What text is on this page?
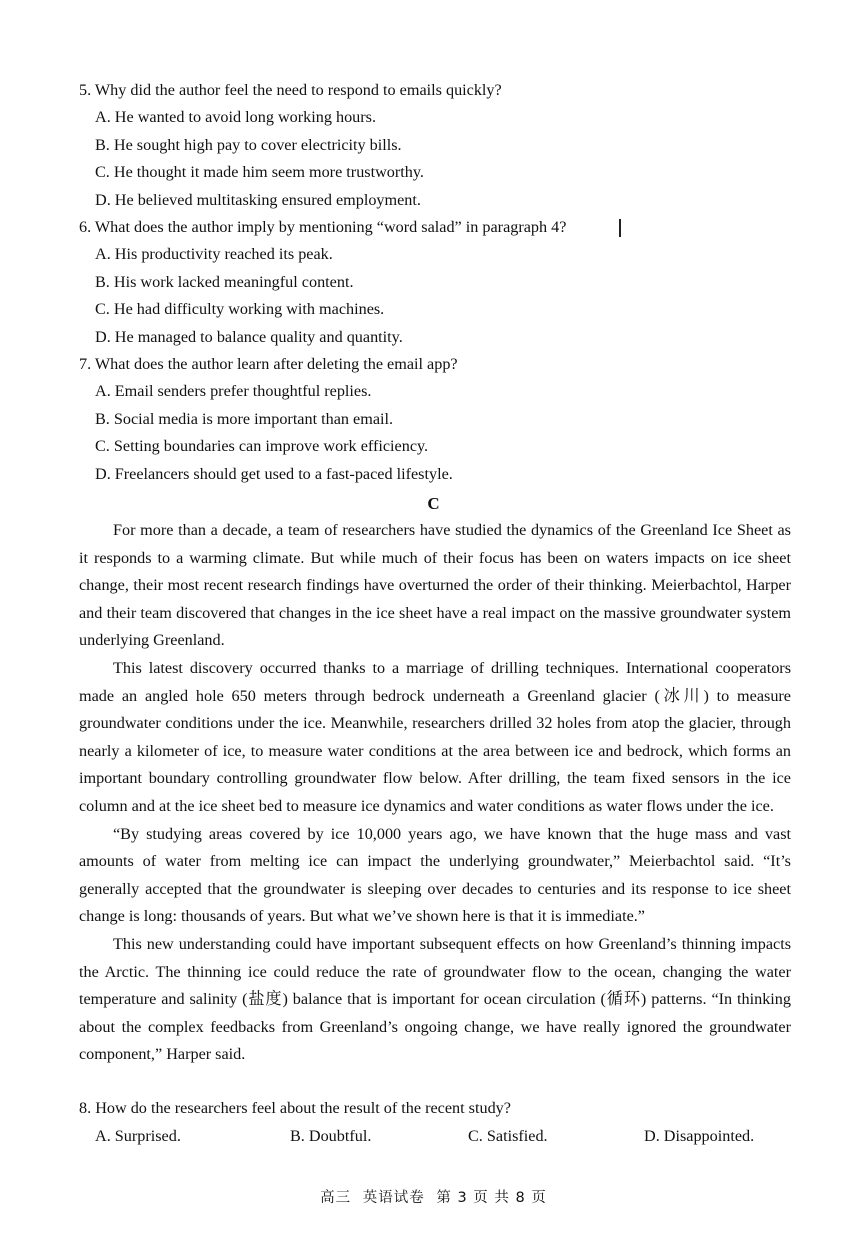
5. Why did the author feel the need to respond to emails quickly?
A. He wanted to avoid long working hours.
B. He sought high pay to cover electricity bills.
C. He thought it made him seem more trustworthy.
D. He believed multitasking ensured employment.
6. What does the author imply by mentioning “word salad” in paragraph 4?
A. His productivity reached its peak.
B. His work lacked meaningful content.
C. He had difficulty working with machines.
D. He managed to balance quality and quantity.
7. What does the author learn after deleting the email app?
A. Email senders prefer thoughtful replies.
B. Social media is more important than email.
C. Setting boundaries can improve work efficiency.
D. Freelancers should get used to a fast-paced lifestyle.
C

For more than a decade, a team of researchers have studied the dynamics of the Greenland Ice Sheet as it responds to a warming climate. But while much of their focus has been on waters impacts on ice sheet change, their most recent research findings have overturned the order of their thinking. Meierbachtol, Harper and their team discovered that changes in the ice sheet have a real impact on the massive groundwater system underlying Greenland.

This latest discovery occurred thanks to a marriage of drilling techniques. International cooperators made an angled hole 650 meters through bedrock underneath a Greenland glacier (冰川) to measure groundwater conditions under the ice. Meanwhile, researchers drilled 32 holes from atop the glacier, through nearly a kilometer of ice, to measure water conditions at the area between ice and bedrock, which forms an important boundary controlling groundwater flow below. After drilling, the team fixed sensors in the ice column and at the ice sheet bed to measure ice dynamics and water conditions as water flows under the ice.

“By studying areas covered by ice 10,000 years ago, we have known that the huge mass and vast amounts of water from melting ice can impact the underlying groundwater,” Meierbachtol said. “It’s generally accepted that the groundwater is sleeping over decades to centuries and its response to ice sheet change is long: thousands of years. But what we’ve shown here is that it is immediate.”

This new understanding could have important subsequent effects on how Greenland’s thinning impacts the Arctic. The thinning ice could reduce the rate of groundwater flow to the ocean, changing the water temperature and salinity (盐度) balance that is important for ocean circulation (循环) patterns. “In thinking about the complex feedbacks from Greenland’s ongoing change, we have really ignored the groundwater component,” Harper said.

8. How do the researchers feel about the result of the recent study?
A. Surprised.	B. Doubtful.	C. Satisfied.	D. Disappointed.
高三 英语试卷 第 3 页 共 8 页
